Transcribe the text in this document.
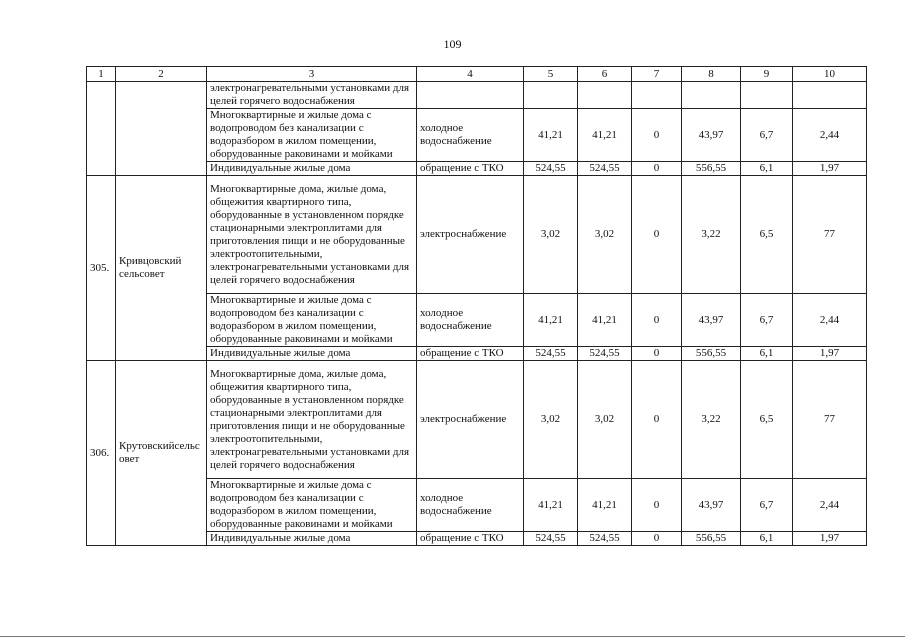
109
1	2	3	4	5	6	7	8	9	10
		электронагревательными установками для целей горячего водоснабжения							
		Многоквартирные и жилые дома с водопроводом без канализации с водоразбором в жилом помещении, оборудованные раковинами и мойками	холодное водоснабжение	41,21	41,21	0	43,97	6,7	2,44
		Индивидуальные жилые дома	обращение с ТКО	524,55	524,55	0	556,55	6,1	1,97
305.	Кривцовский сельсовет	Многоквартирные дома, жилые дома, общежития квартирного типа, оборудованные в установленном порядке стационарными электроплитами для приготовления пищи и не оборудованные электроотопительными, электронагревательными установками для целей горячего водоснабжения	электроснабжение	3,02	3,02	0	3,22	6,5	77
		Многоквартирные и жилые дома с водопроводом без канализации с водоразбором в жилом помещении, оборудованные раковинами и мойками	холодное водоснабжение	41,21	41,21	0	43,97	6,7	2,44
		Индивидуальные жилые дома	обращение с ТКО	524,55	524,55	0	556,55	6,1	1,97
306.	Крутовскийсельсовет	Многоквартирные дома, жилые дома, общежития квартирного типа, оборудованные в установленном порядке стационарными электроплитами для приготовления пищи и не оборудованные электроотопительными, электронагревательными установками для целей горячего водоснабжения	электроснабжение	3,02	3,02	0	3,22	6,5	77
		Многоквартирные и жилые дома с водопроводом без канализации с водоразбором в жилом помещении, оборудованные раковинами и мойками	холодное водоснабжение	41,21	41,21	0	43,97	6,7	2,44
		Индивидуальные жилые дома	обращение с ТКО	524,55	524,55	0	556,55	6,1	1,97
